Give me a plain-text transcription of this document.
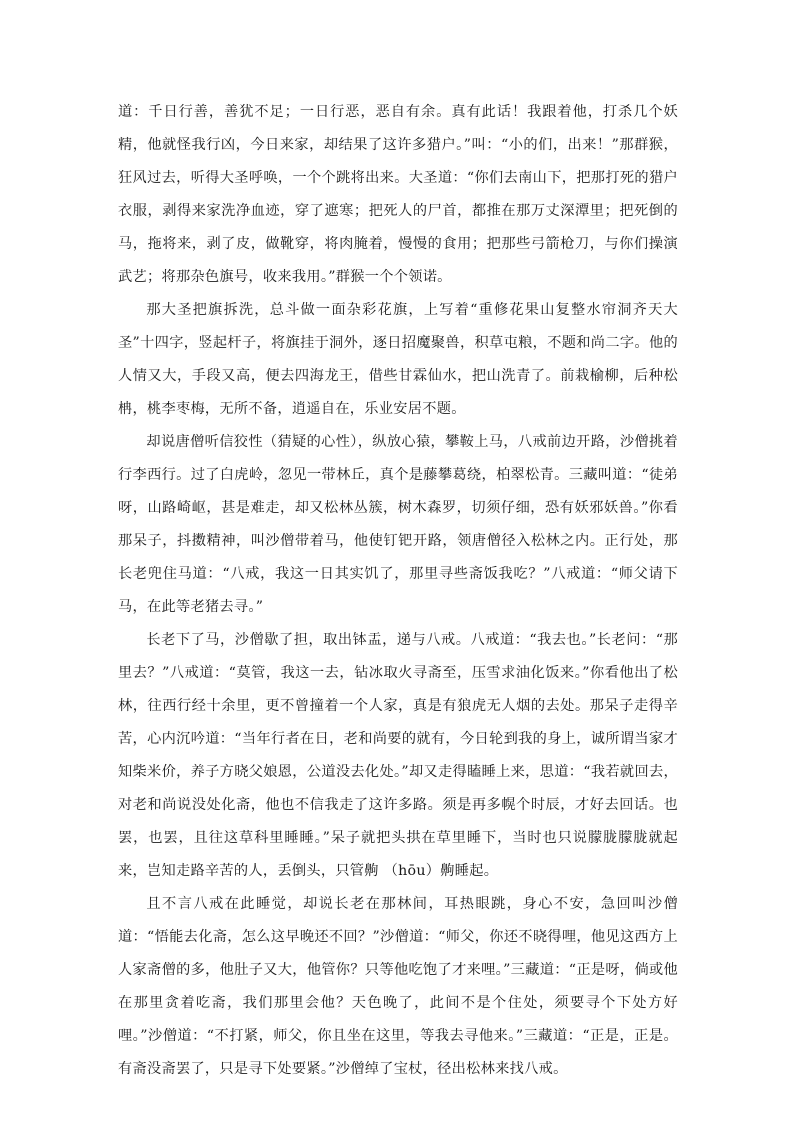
道：千日行善，善犹不足；一日行恶，恶自有余。真有此话！我跟着他，打杀几个妖精，他就怪我行凶，今日来家，却结果了这许多猎户。”叫：“小的们，出来！”那群猴，狂风过去，听得大圣呼唤，一个个跳将出来。大圣道：“你们去南山下，把那打死的猎户衣服，剥得来家洗净血迹，穿了遮寒；把死人的尸首，都推在那万丈深潭里；把死倒的马，拖将来，剥了皮，做靴穿，将肉腌着，慢慢的食用；把那些弓箭枪刀，与你们操演武艺；将那杂色旗号，收来我用。”群猴一个个领诺。

那大圣把旗拆洗，总斗做一面杂彩花旗，上写着“重修花果山复整水帘洞齐天大圣”十四字，竖起杆子，将旗挂于洞外，逐日招魔聚兽，积草屯粮，不题和尚二字。他的人情又大，手段又高，便去四海龙王，借些甘霖仙水，把山洗青了。前栽榆柳，后种松柟，桃李枣梅，无所不备，逍遥自在，乐业安居不题。

却说唐僧听信狡性（猜疑的心性），纵放心猿，攀鞍上马，八戒前边开路，沙僧挑着行李西行。过了白虎岭，忽见一带林丘，真个是藤攀葛绕，柏翠松青。三藏叫道：“徒弟呀，山路崎岖，甚是难走，却又松林丛簇，树木森罗，切须仔细，恐有妖邪妖兽。”你看那呆子，抖擞精神，叫沙僧带着马，他使钉钯开路，领唐僧径入松林之内。正行处，那长老兜住马道：“八戒，我这一日其实饥了，那里寻些斋饭我吃？”八戒道：“师父请下马，在此等老猪去寻。”

长老下了马，沙僧歇了担，取出钵盂，递与八戒。八戒道：“我去也。”长老问：“那里去？”八戒道：“莫管，我这一去，钻冰取火寻斋至，压雪求油化饭来。”你看他出了松林，往西行经十余里，更不曾撞着一个人家，真是有狼虎无人烟的去处。那呆子走得辛苦，心内沉吟道：“当年行者在日，老和尚要的就有，今日轮到我的身上，诚所谓当家才知柴米价，养子方晓父娘恩，公道没去化处。”却又走得瞌睡上来，思道：“我若就回去，对老和尚说没处化斋，他也不信我走了这许多路。须是再多幌个时辰，才好去回话。也罢，也罢，且往这草科里睡睡。”呆子就把头拱在草里睡下，当时也只说朦胧朦胧就起来，岂知走路辛苦的人，丢倒头，只管齁 （hōu）齁睡起。

且不言八戒在此睡觉，却说长老在那林间，耳热眼跳，身心不安，急回叫沙僧道：“悟能去化斋，怎么这早晚还不回？”沙僧道：“师父，你还不晓得哩，他见这西方上人家斋僧的多，他肚子又大，他管你？只等他吃饱了才来哩。”三藏道：“正是呀，倘或他在那里贪着吃斋，我们那里会他？天色晚了，此间不是个住处，须要寻个下处方好哩。”沙僧道：“不打紧，师父，你且坐在这里，等我去寻他来。”三藏道：“正是，正是。有斋没斋罢了，只是寻下处要紧。”沙僧绰了宝杖，径出松林来找八戒。
